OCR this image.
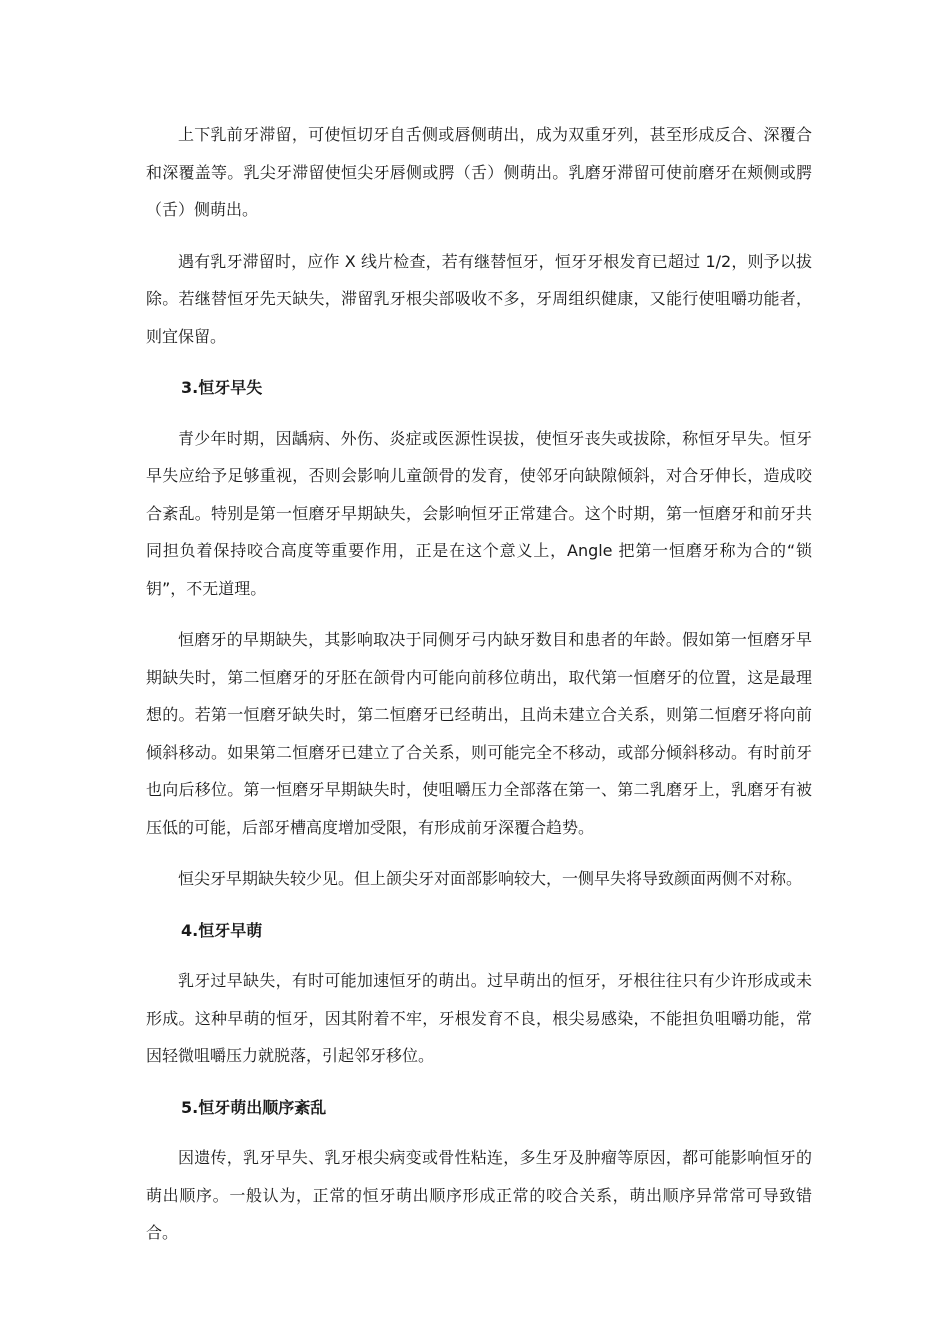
上下乳前牙滞留，可使恒切牙自舌侧或唇侧萌出，成为双重牙列，甚至形成反合、深覆合和深覆盖等。乳尖牙滞留使恒尖牙唇侧或腭（舌）侧萌出。乳磨牙滞留可使前磨牙在颊侧或腭（舌）侧萌出。

遇有乳牙滞留时，应作 X 线片检查，若有继替恒牙，恒牙牙根发育已超过 1/2，则予以拔除。若继替恒牙先天缺失，滞留乳牙根尖部吸收不多，牙周组织健康，又能行使咀嚼功能者，则宜保留。

3.恒牙早失

青少年时期，因龋病、外伤、炎症或医源性误拔，使恒牙丧失或拔除，称恒牙早失。恒牙早失应给予足够重视，否则会影响儿童颌骨的发育，使邻牙向缺隙倾斜，对合牙伸长，造成咬合紊乱。特别是第一恒磨牙早期缺失，会影响恒牙正常建合。这个时期，第一恒磨牙和前牙共同担负着保持咬合高度等重要作用，正是在这个意义上，Angle 把第一恒磨牙称为合的“锁钥”，不无道理。

恒磨牙的早期缺失，其影响取决于同侧牙弓内缺牙数目和患者的年龄。假如第一恒磨牙早期缺失时，第二恒磨牙的牙胚在颌骨内可能向前移位萌出，取代第一恒磨牙的位置，这是最理想的。若第一恒磨牙缺失时，第二恒磨牙已经萌出，且尚未建立合关系，则第二恒磨牙将向前倾斜移动。如果第二恒磨牙已建立了合关系，则可能完全不移动，或部分倾斜移动。有时前牙也向后移位。第一恒磨牙早期缺失时，使咀嚼压力全部落在第一、第二乳磨牙上，乳磨牙有被压低的可能，后部牙槽高度增加受限，有形成前牙深覆合趋势。

恒尖牙早期缺失较少见。但上颌尖牙对面部影响较大，一侧早失将导致颜面两侧不对称。

4.恒牙早萌

乳牙过早缺失，有时可能加速恒牙的萌出。过早萌出的恒牙，牙根往往只有少许形成或未形成。这种早萌的恒牙，因其附着不牢，牙根发育不良，根尖易感染，不能担负咀嚼功能，常因轻微咀嚼压力就脱落，引起邻牙移位。

5.恒牙萌出顺序紊乱

因遗传，乳牙早失、乳牙根尖病变或骨性粘连，多生牙及肿瘤等原因，都可能影响恒牙的萌出顺序。一般认为，正常的恒牙萌出顺序形成正常的咬合关系，萌出顺序异常常可导致错合。
